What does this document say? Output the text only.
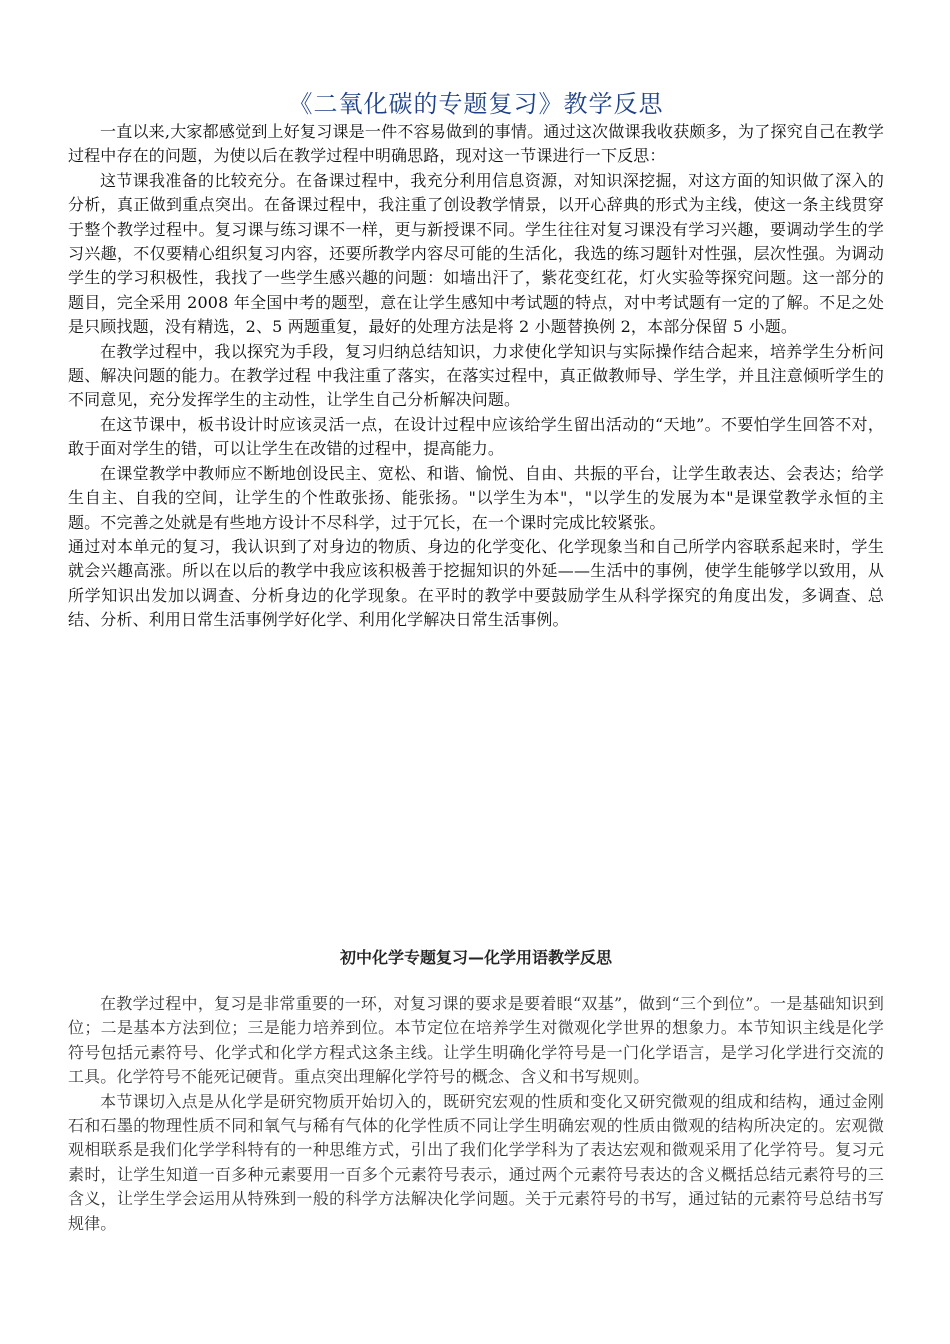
《二氧化碳的专题复习》教学反思

一直以来,大家都感觉到上好复习课是一件不容易做到的事情。通过这次做课我收获颇多，为了探究自己在教学过程中存在的问题，为使以后在教学过程中明确思路，现对这一节课进行一下反思：

这节课我准备的比较充分。在备课过程中，我充分利用信息资源，对知识深挖掘，对这方面的知识做了深入的分析，真正做到重点突出。在备课过程中，我注重了创设教学情景，以开心辞典的形式为主线，使这一条主线贯穿于整个教学过程中。复习课与练习课不一样，更与新授课不同。学生往往对复习课没有学习兴趣，要调动学生的学习兴趣，不仅要精心组织复习内容，还要所教学内容尽可能的生活化，我选的练习题针对性强，层次性强。为调动学生的学习积极性，我找了一些学生感兴趣的问题：如墙出汗了，紫花变红花，灯火实验等探究问题。这一部分的题目，完全采用 2008 年全国中考的题型，意在让学生感知中考试题的特点，对中考试题有一定的了解。不足之处是只顾找题，没有精选，2、5 两题重复，最好的处理方法是将 2 小题替换例 2，本部分保留 5 小题。

在教学过程中，我以探究为手段，复习归纳总结知识，力求使化学知识与实际操作结合起来，培养学生分析问题、解决问题的能力。在教学过程 中我注重了落实，在落实过程中，真正做教师导、学生学，并且注意倾听学生的不同意见，充分发挥学生的主动性，让学生自己分析解决问题。

在这节课中，板书设计时应该灵活一点，在设计过程中应该给学生留出活动的“天地”。不要怕学生回答不对，敢于面对学生的错，可以让学生在改错的过程中，提高能力。

在课堂教学中教师应不断地创设民主、宽松、和谐、愉悦、自由、共振的平台，让学生敢表达、会表达；给学生自主、自我的空间，让学生的个性敢张扬、能张扬。"以学生为本"，"以学生的发展为本"是课堂教学永恒的主题。不完善之处就是有些地方设计不尽科学，过于冗长，在一个课时完成比较紧张。

通过对本单元的复习，我认识到了对身边的物质、身边的化学变化、化学现象当和自己所学内容联系起来时，学生就会兴趣高涨。所以在以后的教学中我应该积极善于挖掘知识的外延——生活中的事例，使学生能够学以致用，从所学知识出发加以调查、分析身边的化学现象。在平时的教学中要鼓励学生从科学探究的角度出发，多调查、总结、分析、利用日常生活事例学好化学、利用化学解决日常生活事例。

初中化学专题复习—化学用语教学反思

在教学过程中，复习是非常重要的一环，对复习课的要求是要着眼“双基”，做到“三个到位”。一是基础知识到位；二是基本方法到位；三是能力培养到位。本节定位在培养学生对微观化学世界的想象力。本节知识主线是化学符号包括元素符号、化学式和化学方程式这条主线。让学生明确化学符号是一门化学语言，是学习化学进行交流的工具。化学符号不能死记硬背。重点突出理解化学符号的概念、含义和书写规则。

本节课切入点是从化学是研究物质开始切入的，既研究宏观的性质和变化又研究微观的组成和结构，通过金刚石和石墨的物理性质不同和氧气与稀有气体的化学性质不同让学生明确宏观的性质由微观的结构所决定的。宏观微观相联系是我们化学学科特有的一种思维方式，引出了我们化学学科为了表达宏观和微观采用了化学符号。复习元素时，让学生知道一百多种元素要用一百多个元素符号表示，通过两个元素符号表达的含义概括总结元素符号的三含义，让学生学会运用从特殊到一般的科学方法解决化学问题。关于元素符号的书写，通过钴的元素符号总结书写规律。
